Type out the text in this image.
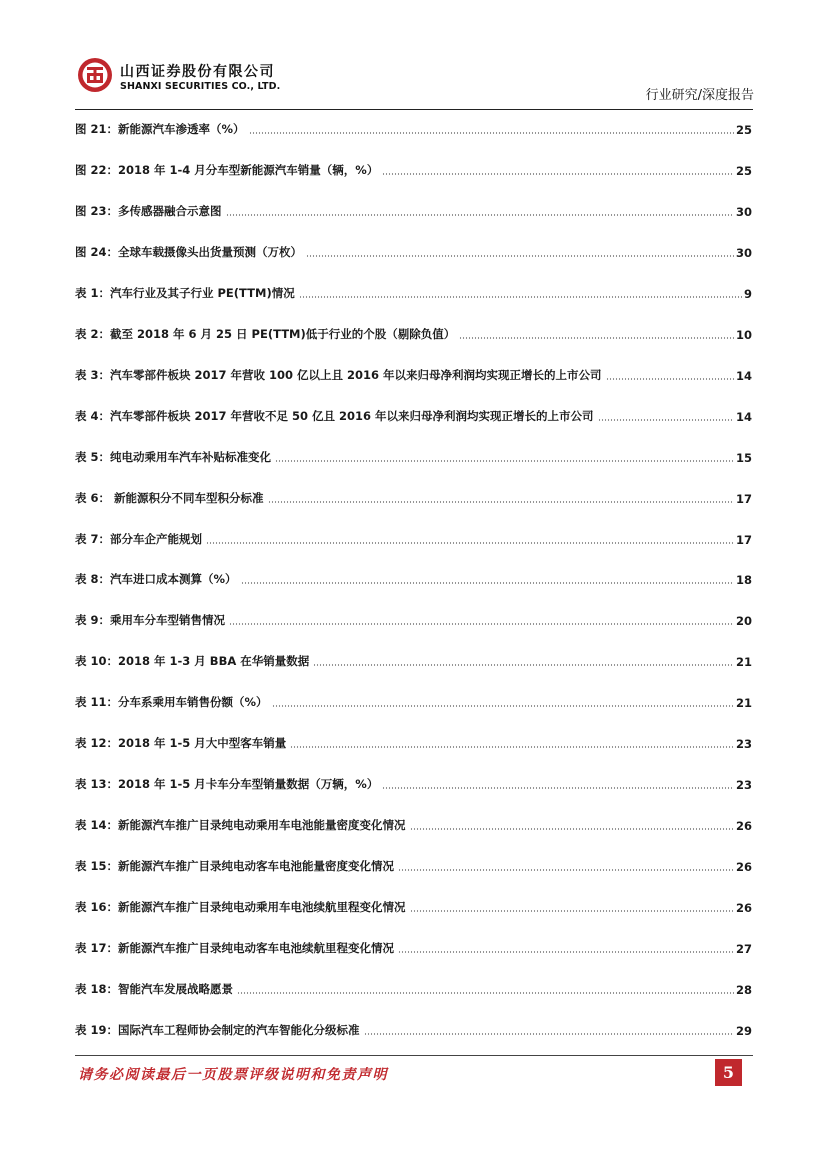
山西证券股份有限公司
SHANXI SECURITIES CO., LTD.
行业研究/深度报告
图 21：新能源汽车渗透率（%）	25
图 22：2018 年 1-4 月分车型新能源汽车销量（辆，%）	25
图 23：多传感器融合示意图	30
图 24：全球车载摄像头出货量预测（万枚）	30
表 1：汽车行业及其子行业 PE(TTM)情况	9
表 2：截至 2018 年 6 月 25 日 PE(TTM)低于行业的个股（剔除负值）	10
表 3：汽车零部件板块 2017 年营收 100 亿以上且 2016 年以来归母净利润均实现正增长的上市公司	14
表 4：汽车零部件板块 2017 年营收不足 50 亿且 2016 年以来归母净利润均实现正增长的上市公司	14
表 5：纯电动乘用车汽车补贴标准变化	15
表 6： 新能源积分不同车型积分标准	17
表 7：部分车企产能规划	17
表 8：汽车进口成本测算（%）	18
表 9：乘用车分车型销售情况	20
表 10：2018 年 1-3 月 BBA 在华销量数据	21
表 11：分车系乘用车销售份额（%）	21
表 12：2018 年 1-5 月大中型客车销量	23
表 13：2018 年 1-5 月卡车分车型销量数据（万辆，%）	23
表 14：新能源汽车推广目录纯电动乘用车电池能量密度变化情况	26
表 15：新能源汽车推广目录纯电动客车电池能量密度变化情况	26
表 16：新能源汽车推广目录纯电动乘用车电池续航里程变化情况	26
表 17：新能源汽车推广目录纯电动客车电池续航里程变化情况	27
表 18：智能汽车发展战略愿景	28
表 19：国际汽车工程师协会制定的汽车智能化分级标准	29
请务必阅读最后一页股票评级说明和免责声明	5
